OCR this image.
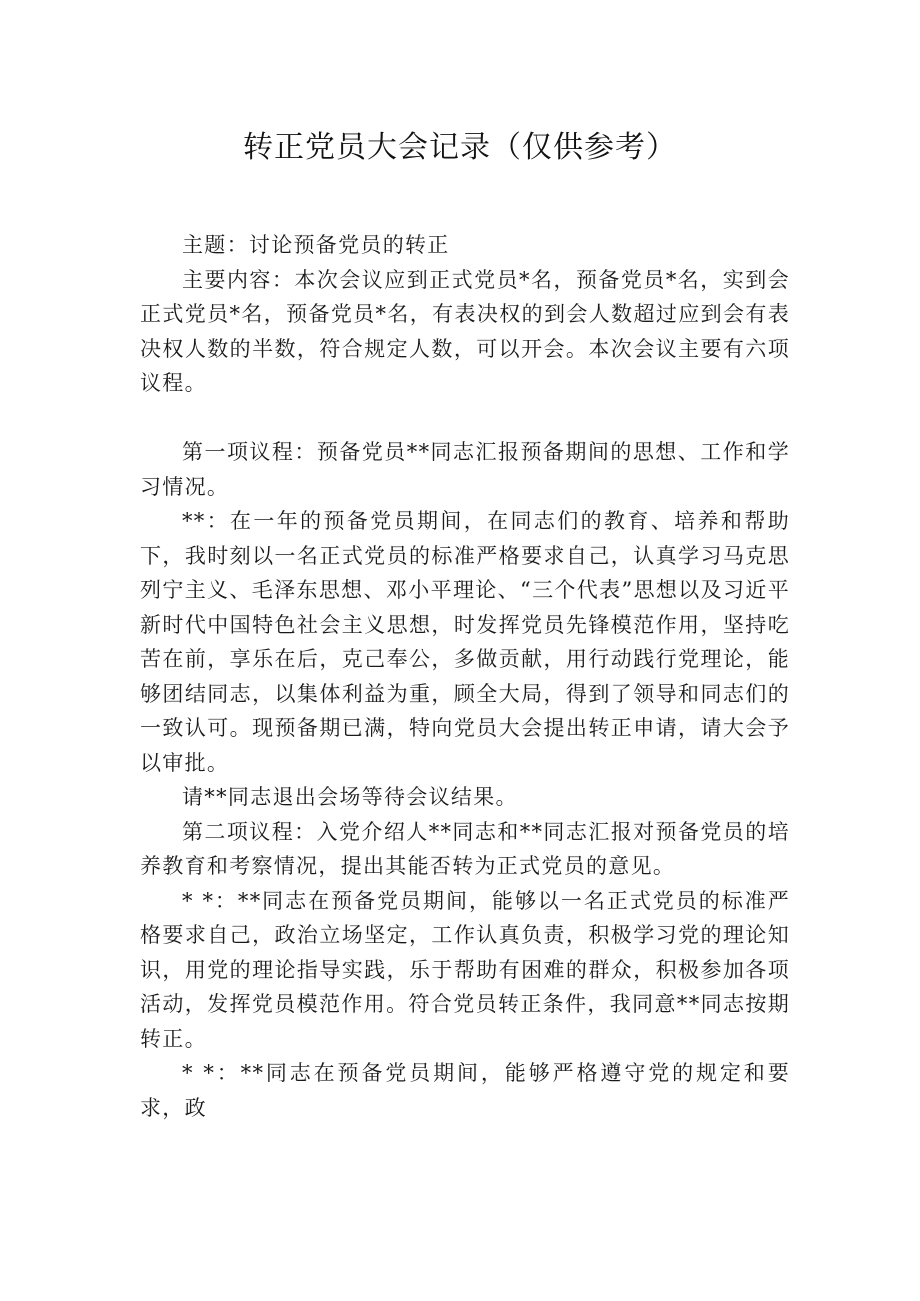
转正党员大会记录（仅供参考）

主题：讨论预备党员的转正

主要内容：本次会议应到正式党员*名，预备党员*名，实到会正式党员*名，预备党员*名，有表决权的到会人数超过应到会有表决权人数的半数，符合规定人数，可以开会。本次会议主要有六项议程。

第一项议程：预备党员**同志汇报预备期间的思想、工作和学习情况。

**：在一年的预备党员期间，在同志们的教育、培养和帮助下，我时刻以一名正式党员的标准严格要求自己，认真学习马克思列宁主义、毛泽东思想、邓小平理论、“三个代表”思想以及习近平新时代中国特色社会主义思想，时发挥党员先锋模范作用，坚持吃苦在前，享乐在后，克己奉公，多做贡献，用行动践行党理论，能够团结同志，以集体利益为重，顾全大局，得到了领导和同志们的一致认可。现预备期已满，特向党员大会提出转正申请，请大会予以审批。

请**同志退出会场等待会议结果。

第二项议程：入党介绍人**同志和**同志汇报对预备党员的培养教育和考察情况，提出其能否转为正式党员的意见。

* *：**同志在预备党员期间，能够以一名正式党员的标准严格要求自己，政治立场坚定，工作认真负责，积极学习党的理论知识，用党的理论指导实践，乐于帮助有困难的群众，积极参加各项活动，发挥党员模范作用。符合党员转正条件，我同意**同志按期转正。

* *：**同志在预备党员期间，能够严格遵守党的规定和要求，政
